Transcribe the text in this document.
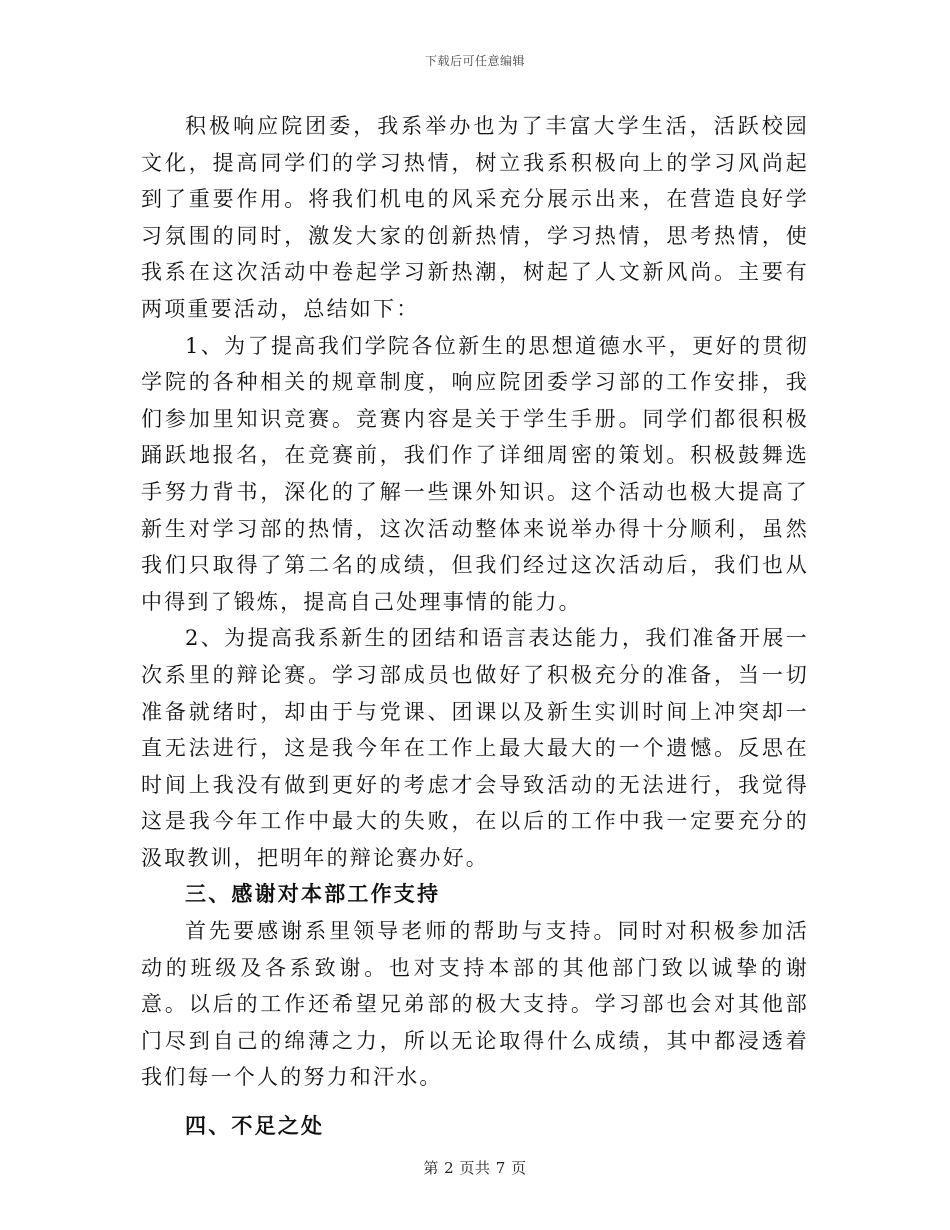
下载后可任意编辑

积极响应院团委，我系举办也为了丰富大学生活，活跃校园文化，提高同学们的学习热情，树立我系积极向上的学习风尚起到了重要作用。将我们机电的风采充分展示出来，在营造良好学习氛围的同时，激发大家的创新热情，学习热情，思考热情，使我系在这次活动中卷起学习新热潮，树起了人文新风尚。主要有两项重要活动，总结如下：

1、为了提高我们学院各位新生的思想道德水平，更好的贯彻学院的各种相关的规章制度，响应院团委学习部的工作安排，我们参加里知识竞赛。竞赛内容是关于学生手册。同学们都很积极踊跃地报名，在竞赛前，我们作了详细周密的策划。积极鼓舞选手努力背书，深化的了解一些课外知识。这个活动也极大提高了新生对学习部的热情，这次活动整体来说举办得十分顺利，虽然我们只取得了第二名的成绩，但我们经过这次活动后，我们也从中得到了锻炼，提高自己处理事情的能力。

2、为提高我系新生的团结和语言表达能力，我们准备开展一次系里的辩论赛。学习部成员也做好了积极充分的准备，当一切准备就绪时，却由于与党课、团课以及新生实训时间上冲突却一直无法进行，这是我今年在工作上最大最大的一个遗憾。反思在时间上我没有做到更好的考虑才会导致活动的无法进行，我觉得这是我今年工作中最大的失败，在以后的工作中我一定要充分的汲取教训，把明年的辩论赛办好。

三、感谢对本部工作支持

首先要感谢系里领导老师的帮助与支持。同时对积极参加活动的班级及各系致谢。也对支持本部的其他部门致以诚挚的谢意。以后的工作还希望兄弟部的极大支持。学习部也会对其他部门尽到自己的绵薄之力，所以无论取得什么成绩，其中都浸透着我们每一个人的努力和汗水。

四、不足之处

第 2 页共 7 页
